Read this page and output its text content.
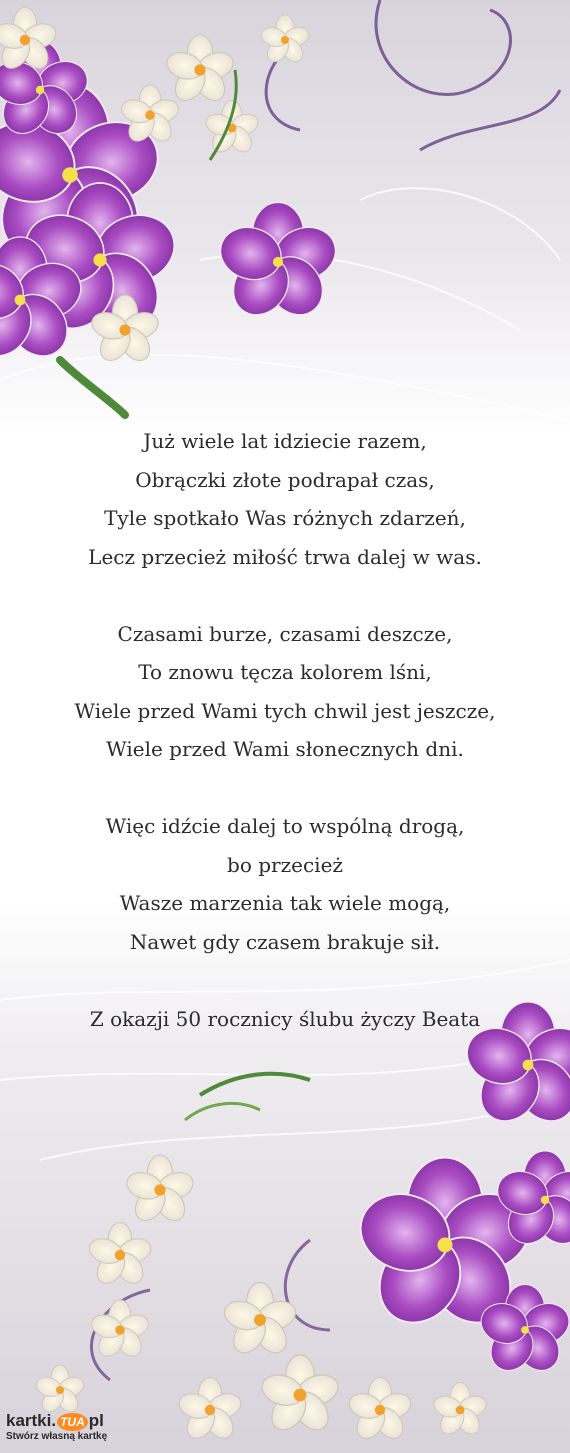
Już wiele lat idziecie razem,
Obrączki złote podrapał czas,
Tyle spotkało Was różnych zdarzeń,
Lecz przecież miłość trwa dalej w was.
Czasami burze, czasami deszcze,
To znowu tęcza kolorem lśni,
Wiele przed Wami tych chwil jest jeszcze,
Wiele przed Wami słonecznych dni.
Więc idźcie dalej to wspólną drogą,
bo przecież
Wasze marzenia tak wiele mogą,
Nawet gdy czasem brakuje sił.
Z okazji 50 rocznicy ślubu życzy Beata
kartki. TUA pl
Stwórz własną kartkę
